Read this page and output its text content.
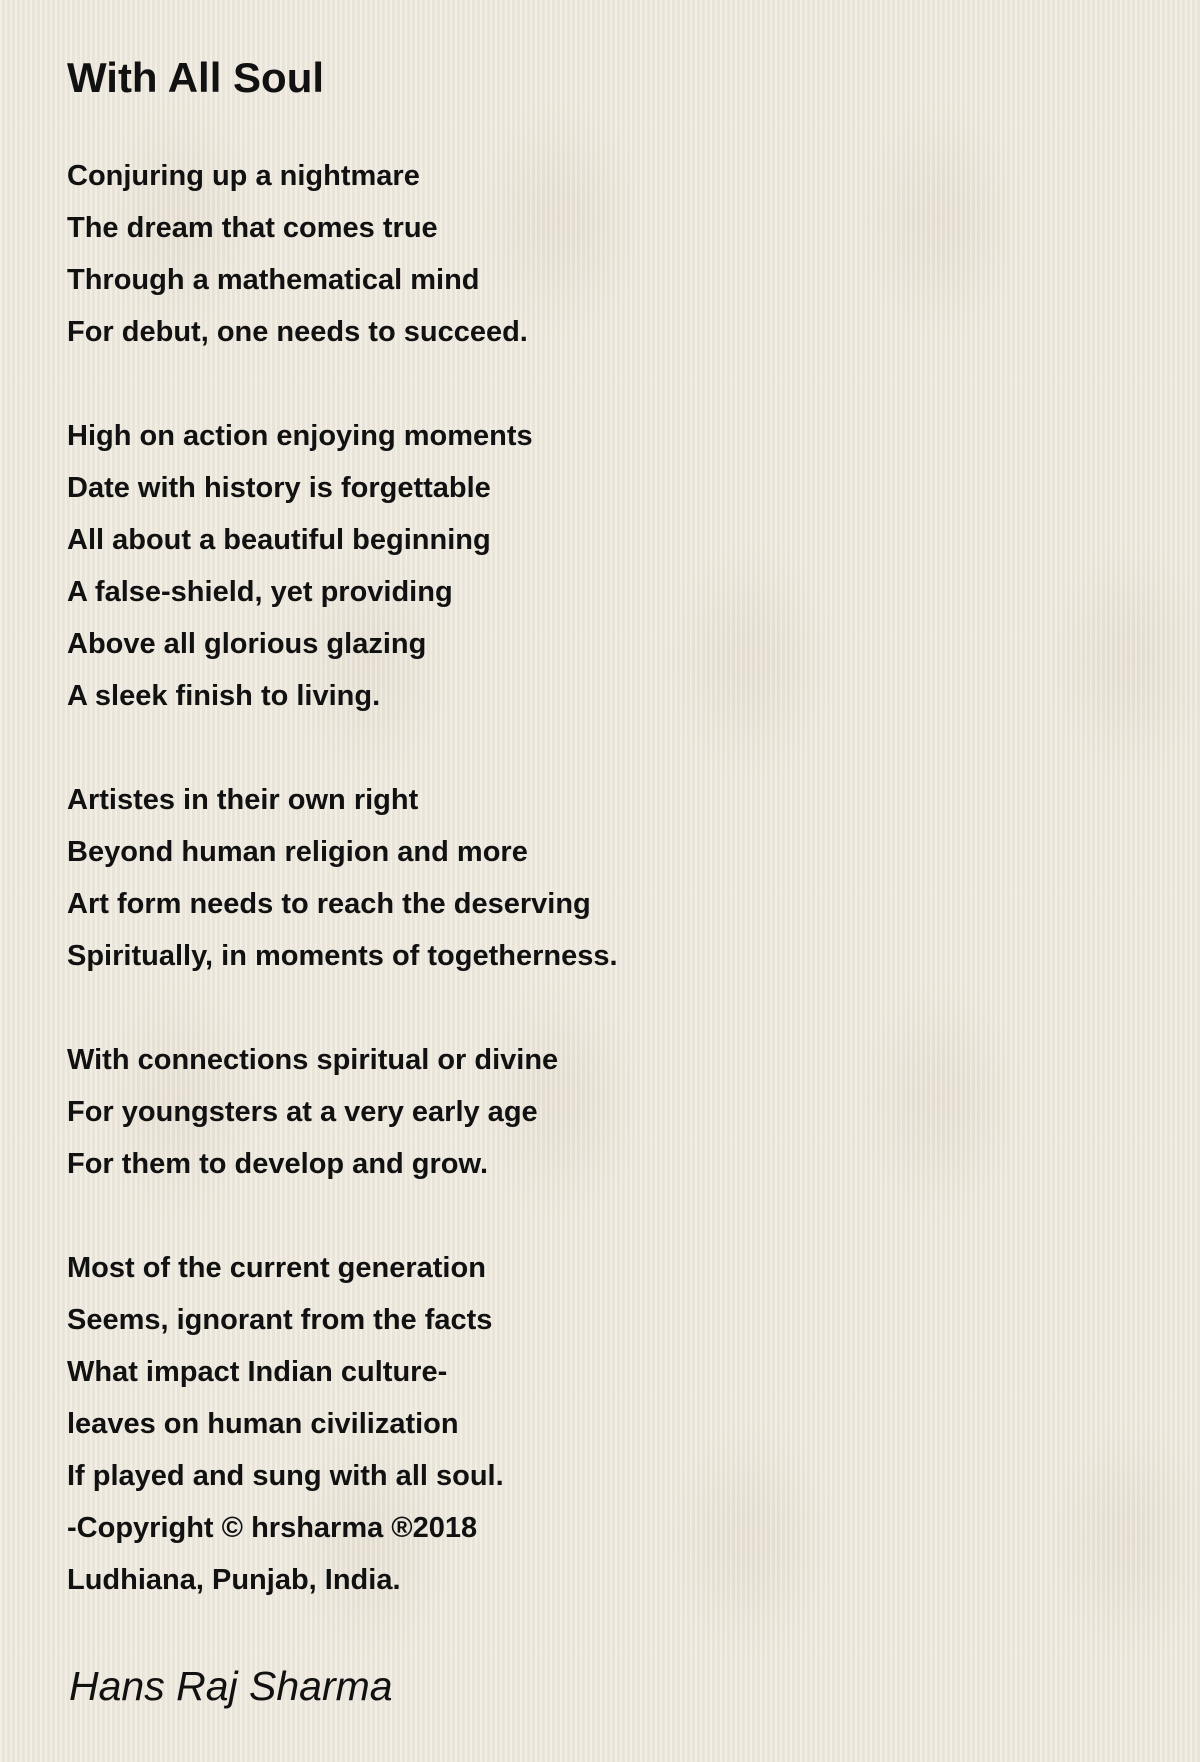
With All Soul
Conjuring up a nightmare
The dream that comes true
Through a mathematical mind
For debut, one needs to succeed.
High on action enjoying moments
Date with history is forgettable
All about a beautiful beginning
A false-shield, yet providing
Above all glorious glazing
A sleek finish to living.
Artistes in their own right
Beyond human religion and more
Art form needs to reach the deserving
Spiritually, in moments of togetherness.
With connections spiritual or divine
For youngsters at a very early age
For them to develop and grow.
Most of the current generation
Seems, ignorant from the facts
What impact Indian culture-
leaves on human civilization
If played and sung with all soul.
-Copyright © hrsharma ®2018
Ludhiana, Punjab, India.
Hans Raj Sharma
